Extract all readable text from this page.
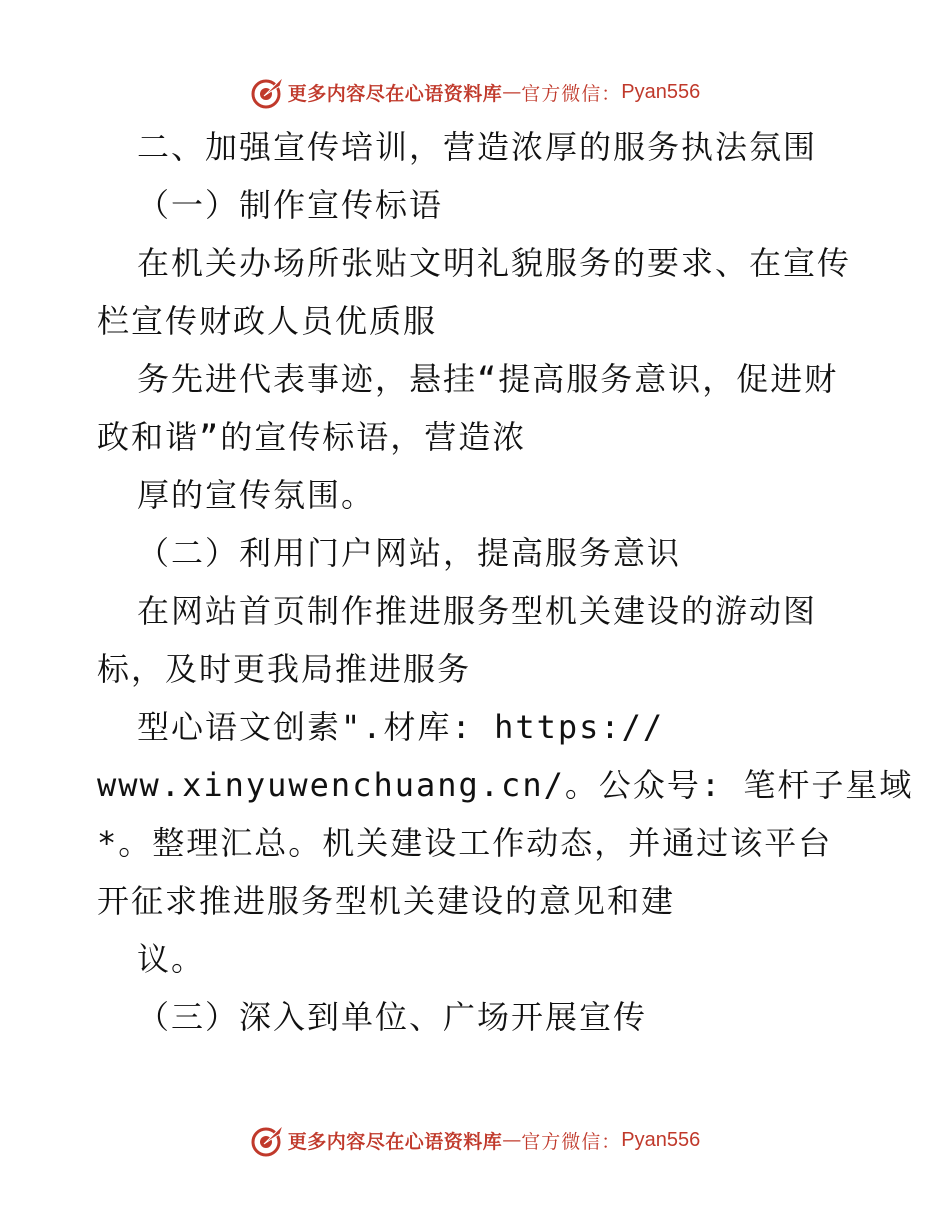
更多内容尽在心语资料库 — 官方微信： Pyan556
二、加强宣传培训，营造浓厚的服务执法氛围
（一）制作宣传标语
在机关办场所张贴文明礼貌服务的要求、在宣传
栏宣传财政人员优质服
务先进代表事迹，悬挂“提高服务意识，促进财
政和谐”的宣传标语，营造浓
厚的宣传氛围。
（二）利用门户网站，提高服务意识
在网站首页制作推进服务型机关建设的游动图
标，及时更我局推进服务
型心语文创素".材库: https://
www.xinyuwenchuang.cn/。公众号: 笔杆子星域
*。整理汇总。机关建设工作动态，并通过该平台
开征求推进服务型机关建设的意见和建
议。
（三）深入到单位、广场开展宣传
更多内容尽在心语资料库 — 官方微信： Pyan556
